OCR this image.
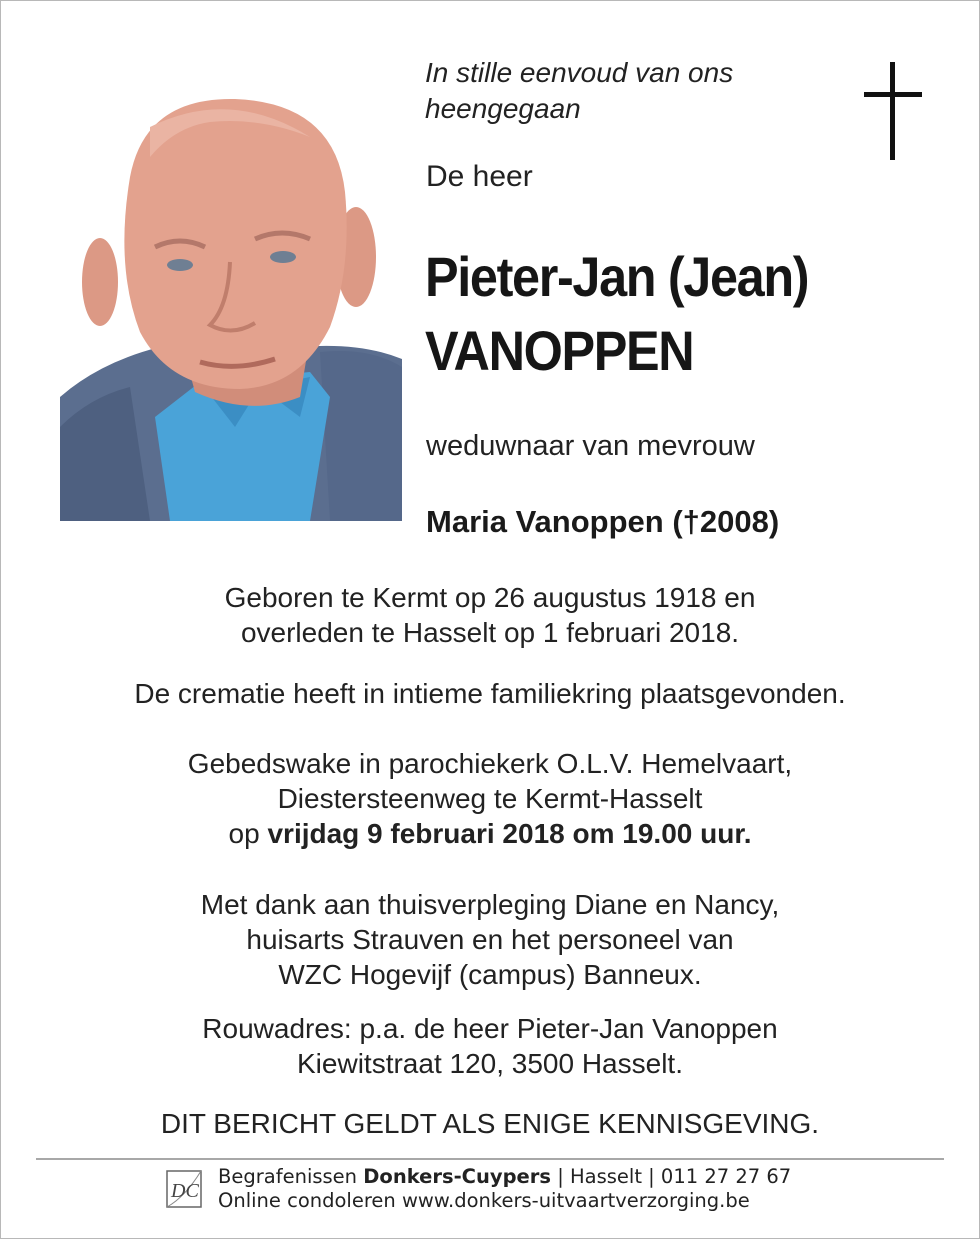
In stille eenvoud van ons
heengegaan
De heer
Pieter-Jan (Jean)
VANOPPEN
weduwnaar van mevrouw
Maria Vanoppen (†2008)
Geboren te Kermt op 26 augustus 1918 en
overleden te Hasselt op 1 februari 2018.
De crematie heeft in intieme familiekring plaatsgevonden.
Gebedswake in parochiekerk O.L.V. Hemelvaart,
Diestersteenweg te Kermt-Hasselt
op vrijdag 9 februari 2018 om 19.00 uur.
Met dank aan thuisverpleging Diane en Nancy,
huisarts Strauven en het personeel van
WZC Hogevijf (campus) Banneux.
Rouwadres: p.a. de heer Pieter-Jan Vanoppen
Kiewitstraat 120, 3500 Hasselt.
DIT BERICHT GELDT ALS ENIGE KENNISGEVING.
DC
Begrafenissen Donkers-Cuypers | Hasselt | 011 27 27 67
Online condoleren www.donkers-uitvaartverzorging.be
